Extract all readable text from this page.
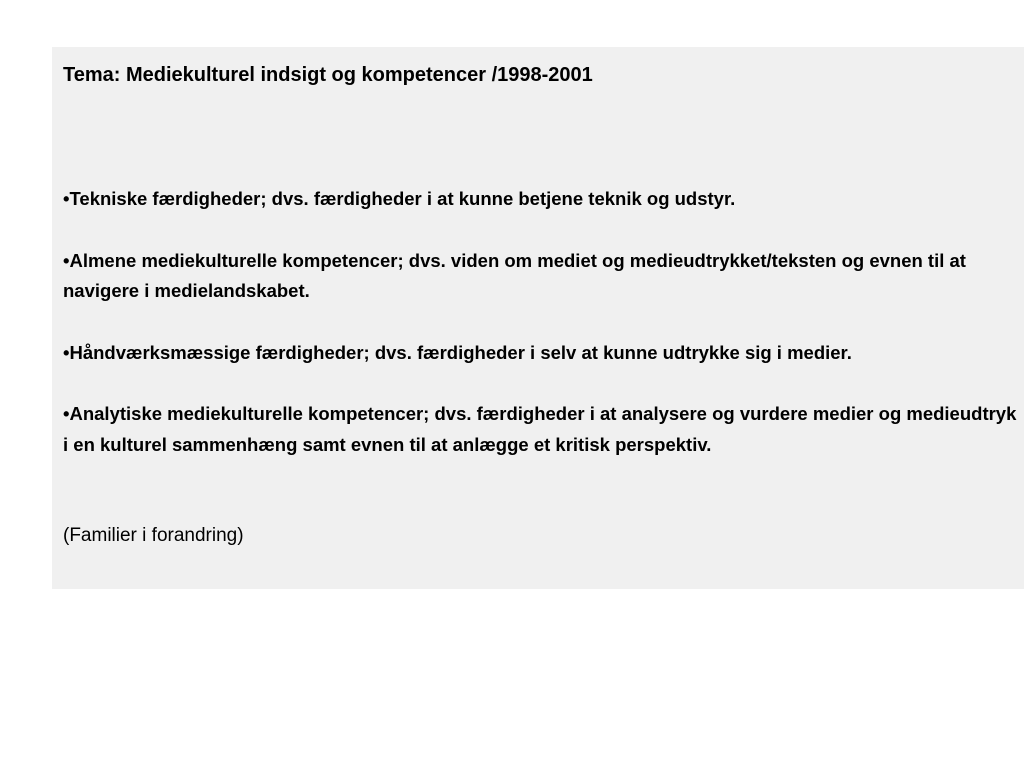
Tema: Mediekulturel indsigt og kompetencer /1998-2001
•Tekniske færdigheder; dvs. færdigheder i at kunne betjene teknik og udstyr.
•Almene mediekulturelle kompetencer; dvs. viden om mediet og medieudtrykket/teksten og evnen til at navigere i medielandskabet.
•Håndværksmæssige færdigheder; dvs. færdigheder i selv at kunne udtrykke sig i medier.
•Analytiske mediekulturelle kompetencer; dvs. færdigheder i at analysere og vurdere medier og medieudtryk i en kulturel sammenhæng samt evnen til at anlægge et kritisk perspektiv.

(Familier i forandring)
